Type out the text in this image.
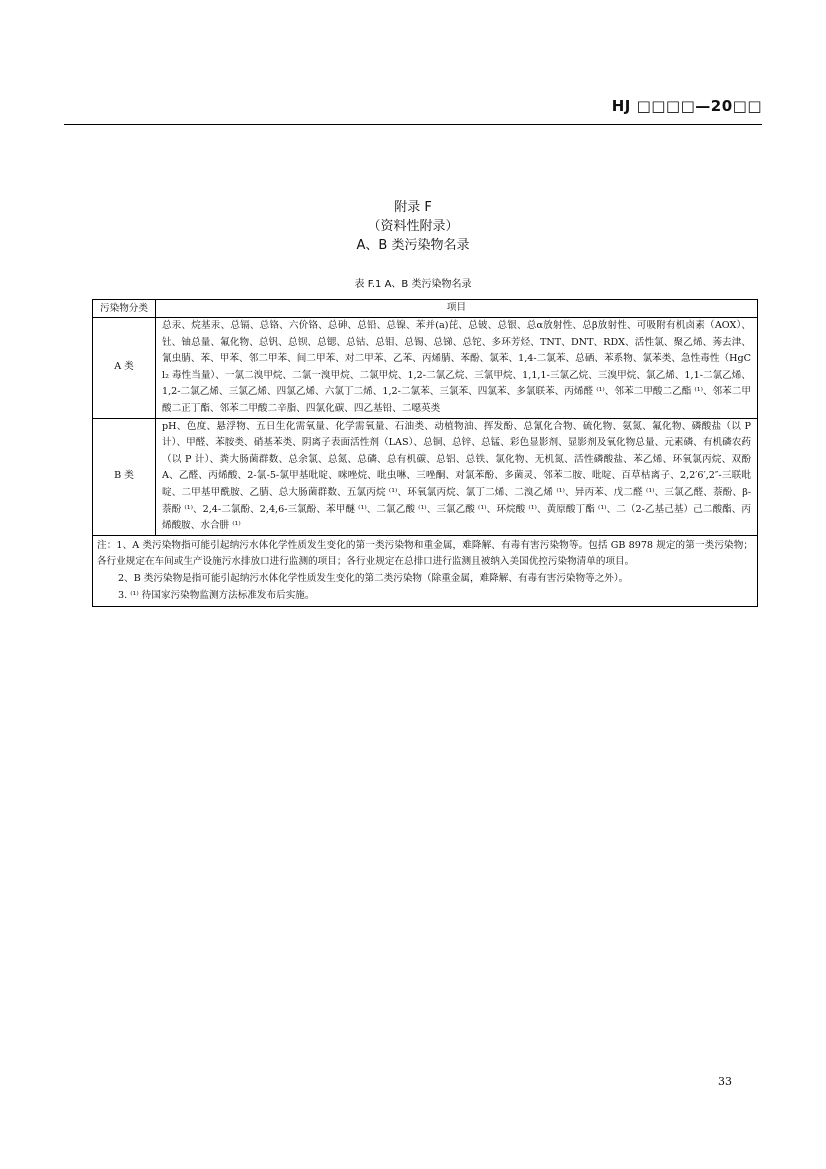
HJ □□□□—20□□
附录 F
（资料性附录）
A、B 类污染物名录
表 F.1 A、B 类污染物名录
污染物分类	项目
A 类	总汞、烷基汞、总镉、总铬、六价铬、总砷、总铅、总镍、苯并(a)芘、总铍、总银、总α放射性、总β放射性、可吸附有机卤素（AOX）、钍、铀总量、氟化物、总钒、总钡、总锶、总钴、总钼、总锡、总锑、总铊、多环芳烃、TNT、DNT、RDX、活性氯、聚乙烯、莠去津、氰虫腈、苯、甲苯、邻二甲苯、间二甲苯、对二甲苯、乙苯、丙烯腈、苯酚、氯苯、1,4-二氯苯、总硒、苯系物、氯苯类、急性毒性（HgCl₂ 毒性当量）、一氯二溴甲烷、二氯一溴甲烷、二氯甲烷、1,2-二氯乙烷、三氯甲烷、1,1,1-三氯乙烷、三溴甲烷、氯乙烯、1,1-二氯乙烯、1,2-二氯乙烯、三氯乙烯、四氯乙烯、六氯丁二烯、1,2-二氯苯、三氯苯、四氯苯、多氯联苯、丙烯醛 ⁽¹⁾、邻苯二甲酸二乙酯 ⁽¹⁾、邻苯二甲酸二正丁酯、邻苯二甲酸二辛脂、四氯化碳、四乙基铅、二噁英类

B 类	pH、色度、悬浮物、五日生化需氧量、化学需氧量、石油类、动植物油、挥发酚、总氰化合物、硫化物、氨氮、氟化物、磷酸盐（以 P 计）、甲醛、苯胺类、硝基苯类、阴离子表面活性剂（LAS）、总铜、总锌、总锰、彩色显影剂、显影剂及氧化物总量、元素磷、有机磷农药（以 P 计）、粪大肠菌群数、总余氯、总氮、总磷、总有机碳、总铝、总铁、氯化物、无机氮、活性磷酸盐、苯乙烯、环氧氯丙烷、双酚 A、乙醛、丙烯酸、2-氯-5-氯甲基吡啶、咪唑烷、吡虫啉、三唑酮、对氯苯酚、多菌灵、邻苯二胺、吡啶、百草枯离子、2,2′6′,2″-三联吡啶、二甲基甲酰胺、乙腈、总大肠菌群数、五氯丙烷 ⁽¹⁾、环氧氯丙烷、氯丁二烯、二溴乙烯 ⁽¹⁾、异丙苯、戊二醛 ⁽¹⁾、三氯乙醛、萘酚、β-萘酚 ⁽¹⁾、2,4-二氯酚、2,4,6-三氯酚、苯甲醚 ⁽¹⁾、二氯乙酸 ⁽¹⁾、三氯乙酸 ⁽¹⁾、环烷酸 ⁽¹⁾、黄原酸丁酯 ⁽¹⁾、二（2-乙基己基）己二酸酯、丙烯酸胺、水合肼 ⁽¹⁾

注：1、A 类污染物指可能引起纳污水体化学性质发生变化的第一类污染物和重金属，难降解、有毒有害污染物等。包括 GB 8978 规定的第一类污染物；各行业规定在车间或生产设施污水排放口进行监测的项目；各行业规定在总排口进行监测且被纳入美国优控污染物清单的项目。

2、B 类污染物是指可能引起纳污水体化学性质发生变化的第二类污染物（除重金属，难降解、有毒有害污染物等之外）。

3. ⁽¹⁾ 待国家污染物监测方法标准发布后实施。	

33
